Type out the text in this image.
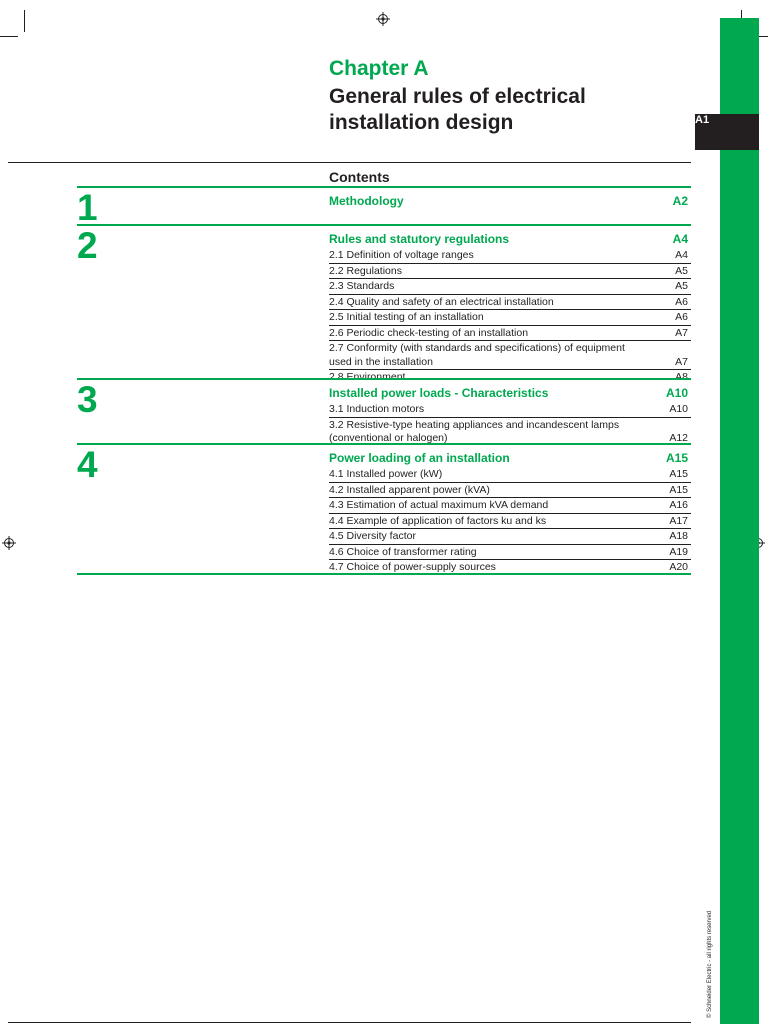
A1
© Schneider Electric - all rights reserved
Chapter A
General rules of electrical installation design
Contents
1	Methodology	A2
2	Rules and statutory regulations	A4
2.1 Definition of voltage ranges	A4
2.2 Regulations	A5
2.3 Standards	A5
2.4 Quality and safety of an electrical installation	A6
2.5 Initial testing of an installation	A6
2.6 Periodic check-testing of an installation	A7
2.7 Conformity (with standards and specifications) of equipment used in the installation	A7
2.8 Environment	A8
3	Installed power loads - Characteristics	A10
3.1 Induction motors	A10
3.2 Resistive-type heating appliances and incandescent lamps (conventional or halogen)	A12
4	Power loading of an installation	A15
4.1 Installed power (kW)	A15
4.2 Installed apparent power (kVA)	A15
4.3 Estimation of actual maximum kVA demand	A16
4.4 Example of application of factors ku and ks	A17
4.5 Diversity factor	A18
4.6 Choice of transformer rating	A19
4.7 Choice of power-supply sources	A20
